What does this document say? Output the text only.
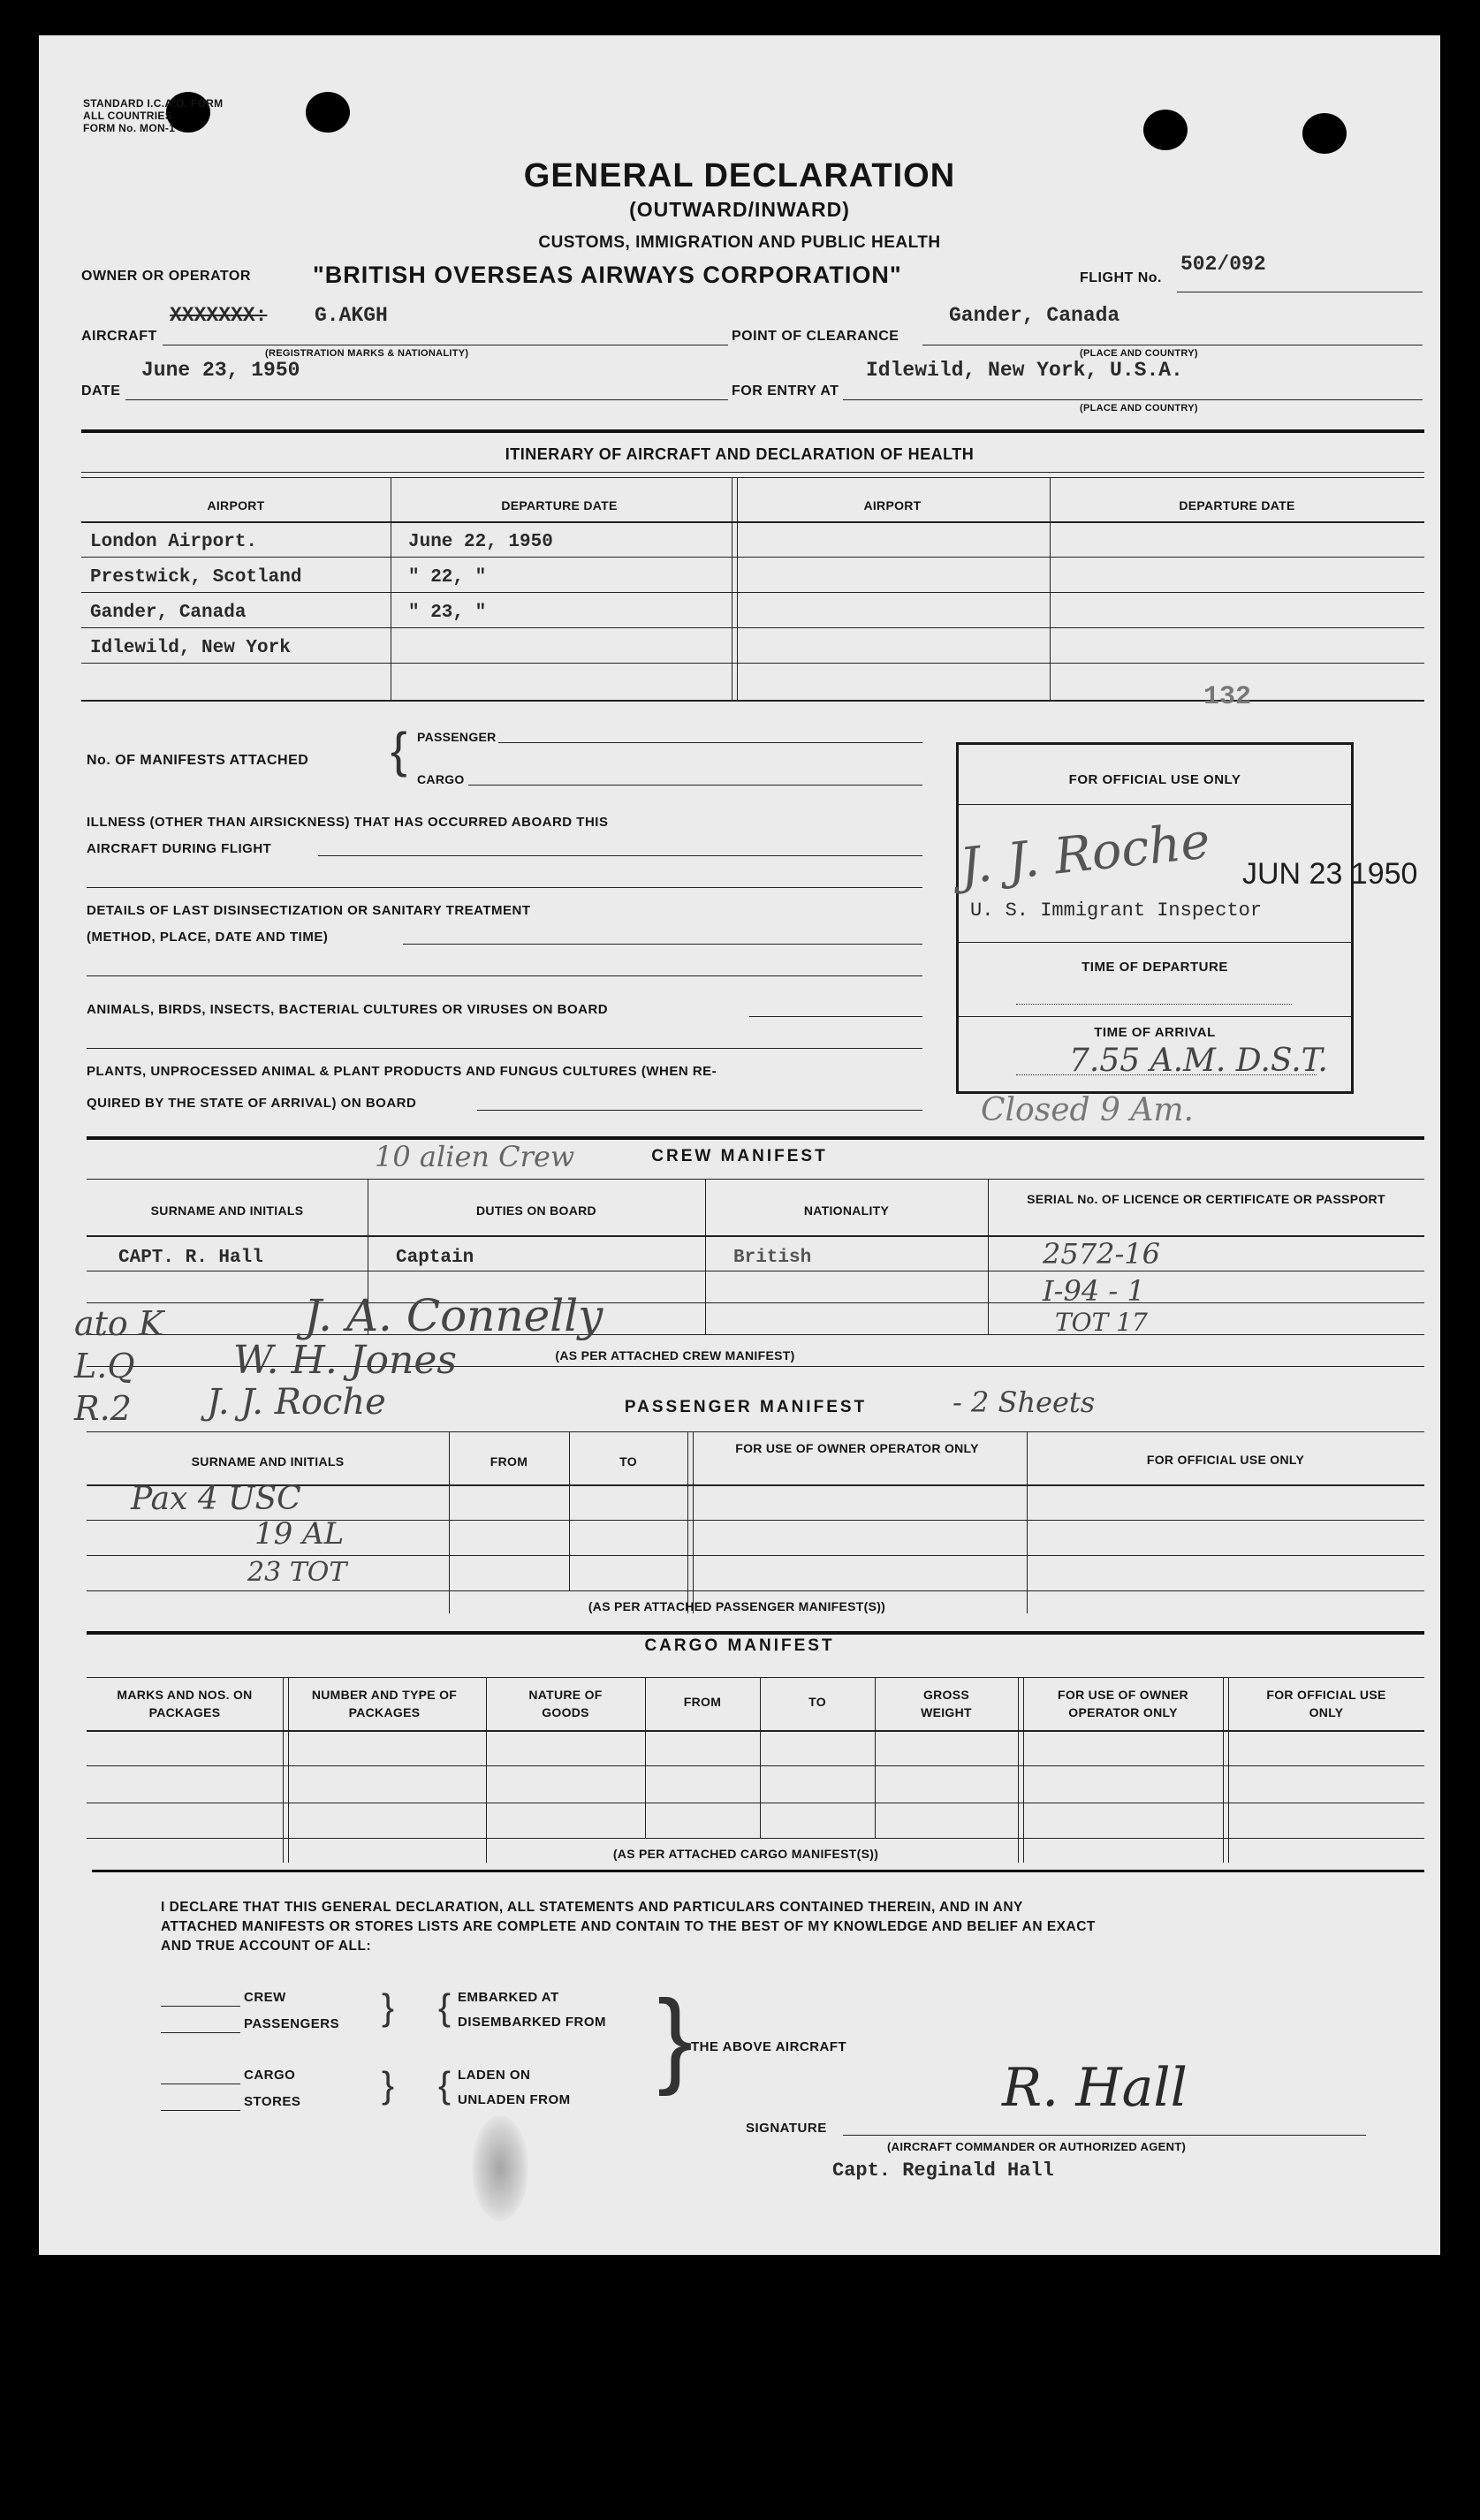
STANDARD I.C.A.O. FORM
ALL COUNTRIES
FORM No. MON-1
GENERAL DECLARATION
(OUTWARD/INWARD)
CUSTOMS, IMMIGRATION AND PUBLIC HEALTH
OWNER OR OPERATOR	"BRITISH OVERSEAS AIRWAYS CORPORATION"	FLIGHT No.
502/092
AIRCRAFT
XXXXXXX: G.AKGH
(REGISTRATION MARKS & NATIONALITY)
POINT OF CLEARANCE
Gander, Canada
(PLACE AND COUNTRY)
DATE
June 23, 1950
FOR ENTRY AT
Idlewild, New York, U.S.A.
(PLACE AND COUNTRY)
ITINERARY OF AIRCRAFT AND DECLARATION OF HEALTH
AIRPORT	DEPARTURE DATE	AIRPORT	DEPARTURE DATE
London Airport.	June 22, 1950
Prestwick, Scotland	" 22, "
Gander, Canada	" 23, "
Idlewild, New York
132
No. OF MANIFESTS ATTACHED { PASSENGER
CARGO
ILLNESS (OTHER THAN AIRSICKNESS) THAT HAS OCCURRED ABOARD THIS
AIRCRAFT DURING FLIGHT
DETAILS OF LAST DISINSECTIZATION OR SANITARY TREATMENT
(METHOD, PLACE, DATE AND TIME)
ANIMALS, BIRDS, INSECTS, BACTERIAL CULTURES OR VIRUSES ON BOARD
PLANTS, UNPROCESSED ANIMAL & PLANT PRODUCTS AND FUNGUS CULTURES (WHEN RE-
QUIRED BY THE STATE OF ARRIVAL) ON BOARD
FOR OFFICIAL USE ONLY
TIME OF DEPARTURE
TIME OF ARRIVAL
J. J. Roche JUN 23 1950
U. S. Immigrant Inspector
7.55 A.M. D.S.T.
Closed 9 Am.
CREW MANIFEST
10 alien Crew
SURNAME AND INITIALS	DUTIES ON BOARD	NATIONALITY
SERIAL No. OF LICENCE OR CERTIFICATE OR PASSPORT
(AS PER ATTACHED CREW MANIFEST)
CAPT. R. Hall	Captain	British	2572-16
I-94 - 1
TOT 17
ato K
L.Q
R.2
J. A. Connelly
W. H. Jones
J. J. Roche	PASSENGER MANIFEST	- 2 Sheets
SURNAME AND INITIALS	FROM	TO
FOR USE OF OWNER OPERATOR ONLY
FOR OFFICIAL USE ONLY
(AS PER ATTACHED PASSENGER MANIFEST(S))
Pax 4 USC
19 AL
23 TOT
CARGO MANIFEST
MARKS AND NOS. ON PACKAGES
NUMBER AND TYPE OF PACKAGES
NATURE OF GOODS
FROM	TO	GROSS WEIGHT
FOR USE OF OWNER OPERATOR ONLY
FOR OFFICIAL USE ONLY
(AS PER ATTACHED CARGO MANIFEST(S))
I DECLARE THAT THIS GENERAL DECLARATION, ALL STATEMENTS AND PARTICULARS CONTAINED THEREIN, AND IN ANY
ATTACHED MANIFESTS OR STORES LISTS ARE COMPLETE AND CONTAIN TO THE BEST OF MY KNOWLEDGE AND BELIEF AN EXACT
AND TRUE ACCOUNT OF ALL:
CREW
PASSENGERS } { EMBARKED AT
DISEMBARKED FROM }
THE ABOVE AIRCRAFT
CARGO
STORES } { LADEN ON
UNLADEN FROM
SIGNATURE
R. Hall
(AIRCRAFT COMMANDER OR AUTHORIZED AGENT)
Capt. Reginald Hall
